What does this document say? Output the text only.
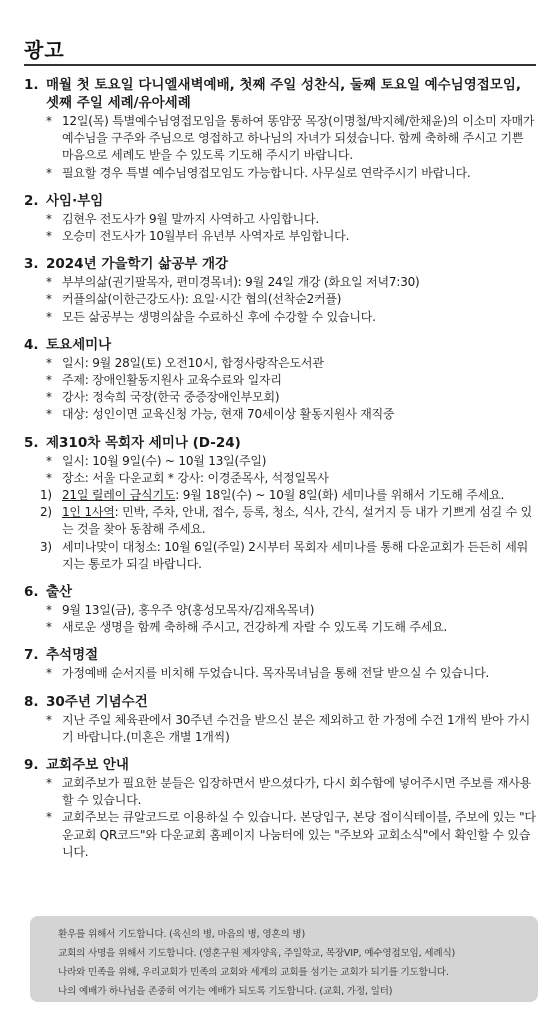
광고
1. 매월 첫 토요일 다니엘새벽예배, 첫째 주일 성찬식, 둘째 토요일 예수님영접모임, 셋째 주일 세례/유아세례
* 12일(목) 특별예수님영접모임을 통하여 똥얌꿍 목장(이명철/박지혜/한채윤)의 이소미 자매가 예수님을 구주와 주님으로 영접하고 하나님의 자녀가 되셨습니다. 함께 축하해 주시고 기쁜 마음으로 세례도 받을 수 있도록 기도해 주시기 바랍니다.
* 필요할 경우 특별 예수님영접모임도 가능합니다. 사무실로 연락주시기 바랍니다.
2. 사임·부임
* 김현우 전도사가 9월 말까지 사역하고 사임합니다.
* 오승미 전도사가 10월부터 유년부 사역자로 부임합니다.
3. 2024년 가을학기 삶공부 개강
* 부부의삶(권기팔목자, 편미경목녀): 9월 24일 개강 (화요일 저녁7:30)
* 커플의삶(이한근강도사): 요일·시간 협의(선착순2커플)
* 모든 삶공부는 생명의삶을 수료하신 후에 수강할 수 있습니다.
4. 토요세미나
* 일시: 9월 28일(토) 오전10시, 합정사랑작은도서관
* 주제: 장애인활동지원사 교육수료와 일자리
* 강사: 정숙희 국장(한국 중증장애인부모회)
* 대상: 성인이면 교육신청 가능, 현재 70세이상 활동지원사 재직중
5. 제310차 목회자 세미나 (D-24)
* 일시: 10월 9일(수) ~ 10월 13일(주일)
* 장소: 서울 다운교회 * 강사: 이경준목사, 석정일목사
1) 21일 릴레이 금식기도: 9월 18일(수) ~ 10월 8일(화) 세미나를 위해서 기도해 주세요.
2) 1인 1사역: 민박, 주차, 안내, 접수, 등록, 청소, 식사, 간식, 설거지 등 내가 기쁘게 섬길 수 있는 것을 찾아 동참해 주세요.
3) 세미나맞이 대청소: 10월 6일(주일) 2시부터 목회자 세미나를 통해 다운교회가 든든히 세워지는 통로가 되길 바랍니다.
6. 출산
* 9월 13일(금), 홍우주 양(홍성모목자/김재옥목녀)
* 새로운 생명을 함께 축하해 주시고, 건강하게 자랄 수 있도록 기도해 주세요.
7. 추석명절
* 가정예배 순서지를 비치해 두었습니다. 목자목녀님을 통해 전달 받으실 수 있습니다.
8. 30주년 기념수건
* 지난 주일 체육관에서 30주년 수건을 받으신 분은 제외하고 한 가정에 수건 1개씩 받아 가시기 바랍니다.(미혼은 개별 1개씩)
9. 교회주보 안내
* 교회주보가 필요한 분들은 입장하면서 받으셨다가, 다시 회수함에 넣어주시면 주보를 재사용 할 수 있습니다.
* 교회주보는 큐알코드로 이용하실 수 있습니다. 본당입구, 본당 접이식테이블, 주보에 있는 "다운교회 QR코드"와 다운교회 홈페이지 나눔터에 있는 "주보와 교회소식"에서 확인할 수 있습니다.
환우를 위해서 기도합니다. (육신의 병, 마음의 병, 영혼의 병)
교회의 사명을 위해서 기도합니다. (영혼구원 제자양육, 주일학교, 목장VIP, 예수영접모임, 세례식)
나라와 민족을 위해, 우리교회가 민족의 교회와 세계의 교회를 섬기는 교회가 되기를 기도합니다.
나의 예배가 하나님을 존중히 여기는 예배가 되도록 기도합니다. (교회, 가정, 일터)
